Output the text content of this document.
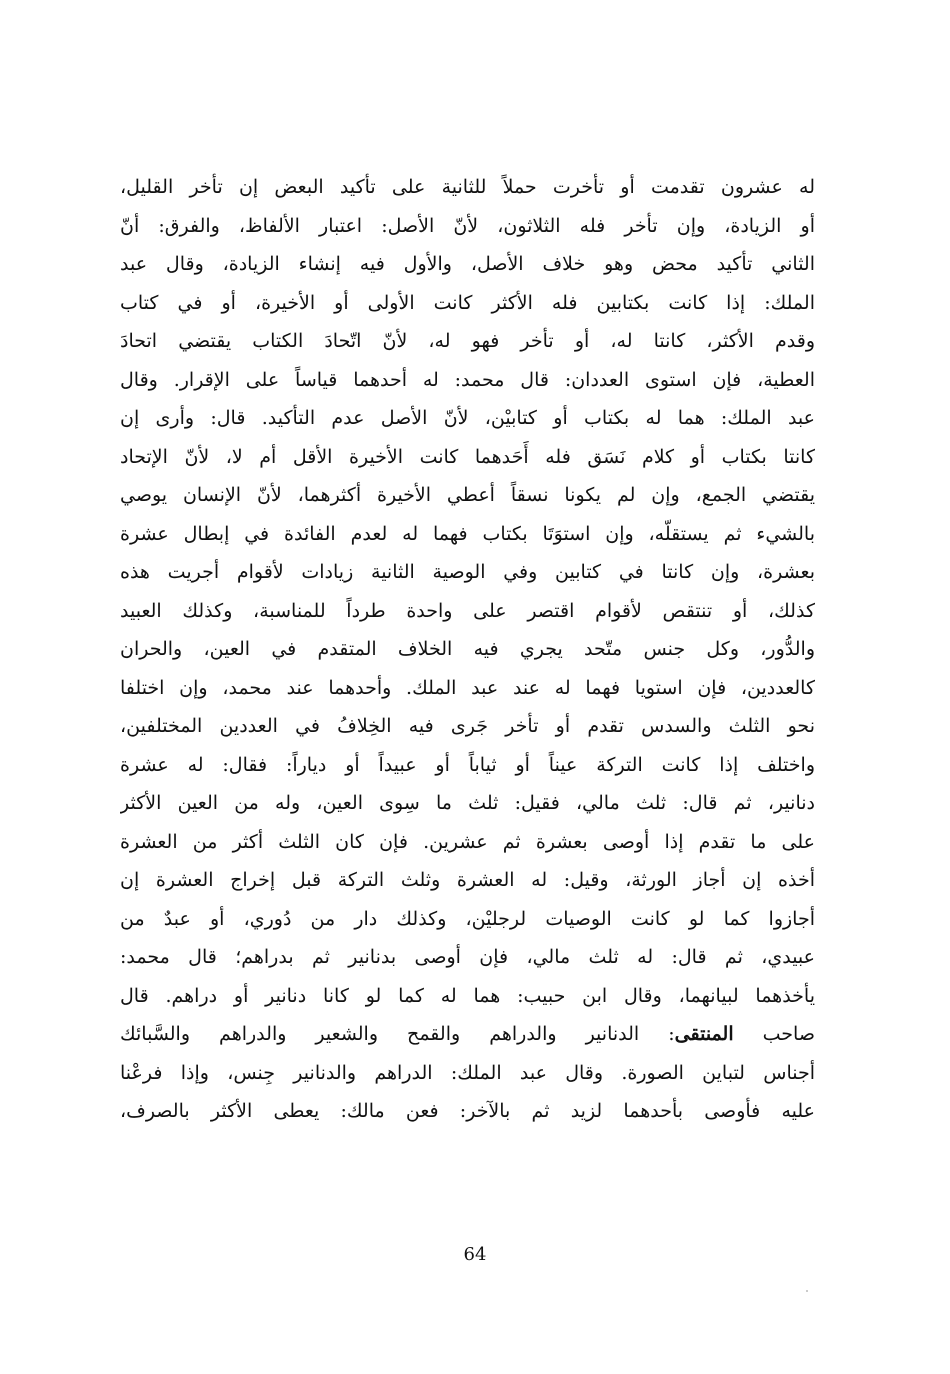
له عشرون تقدمت أو تأخرت حملاً للثانية على تأكيد البعض إن تأخر القليل،
أو الزيادة، وإن تأخر فله الثلاثون، لأنّ الأصل: اعتبار الألفاظ، والفرق: أنّ
الثاني تأكيد محض وهو خلاف الأصل، والأول فيه إنشاء الزيادة، وقال عبد
الملك: إذا كانت بكتابين فله الأكثر كانت الأولى أو الأخيرة، أو في كتاب
وقدم الأكثر، كانتا له، أو تأخر فهو له، لأنّ اتّحادَ الكتاب يقتضي اتحادَ
العطية، فإن استوى العددان: قال محمد: له أحدهما قياساً على الإقرار. وقال
عبد الملك: هما له بكتاب أو كتابيْن، لأنّ الأصل عدم التأكيد. قال: وأرى إن
كانتا بكتاب أو كلام نَسَق فله أَحَدهما كانت الأخيرة الأقل أم لا، لأنّ الإتحاد
يقتضي الجمع، وإن لم يكونا نسقاً أعطي الأخيرة أكثرهما، لأنّ الإنسان يوصي
بالشيء ثم يستقلّه، وإن استوَتَا بكتاب فهما له لعدم الفائدة في إبطال عشرة
بعشرة، وإن كانتا في كتابين وفي الوصية الثانية زيادات لأقوام أجريت هذه
كذلك، أو تنتقص لأقوام اقتصر على واحدة طرداً للمناسبة، وكذلك العبيد
والدُّور، وكل جنس متّحد يجري فيه الخلاف المتقدم في العين، والحران
كالعددين، فإن استويا فهما له عند عبد الملك. وأحدهما عند محمد، وإن اختلفا
نحو الثلث والسدس تقدم أو تأخر جَرى فيه الخِلافُ في العددين المختلفين،
واختلف إذا كانت التركة عيناً أو ثياباً أو عبيداً أو دياراً: فقال: له عشرة
دنانير، ثم قال: ثلث مالي، فقيل: ثلث ما سِوى العين، وله من العين الأكثر
على ما تقدم إذا أوصى بعشرة ثم عشرين. فإن كان الثلث أكثر من العشرة
أخذه إن أجاز الورثة، وقيل: له العشرة وثلث التركة قبل إخراج العشرة إن
أجازوا كما لو كانت الوصيات لرجليْن، وكذلك دار من دُوري، أو عبدٌ من
عبيدي، ثم قال: له ثلث مالي، فإن أوصى بدنانير ثم بدراهم؛ قال محمد:
يأخذهما لبيانهما، وقال ابن حبيب: هما له كما لو كانا دنانير أو دراهم. قال
صاحب المنتقى: الدنانير والدراهم والقمح والشعير والدراهم والسَّبائك
أجناس لتباين الصورة. وقال عبد الملك: الدراهم والدنانير جِنس، وإذا فرعْنا
عليه فأوصى بأحدهما لزيد ثم بالآخر: فعن مالك: يعطى الأكثر بالصرف،
64
